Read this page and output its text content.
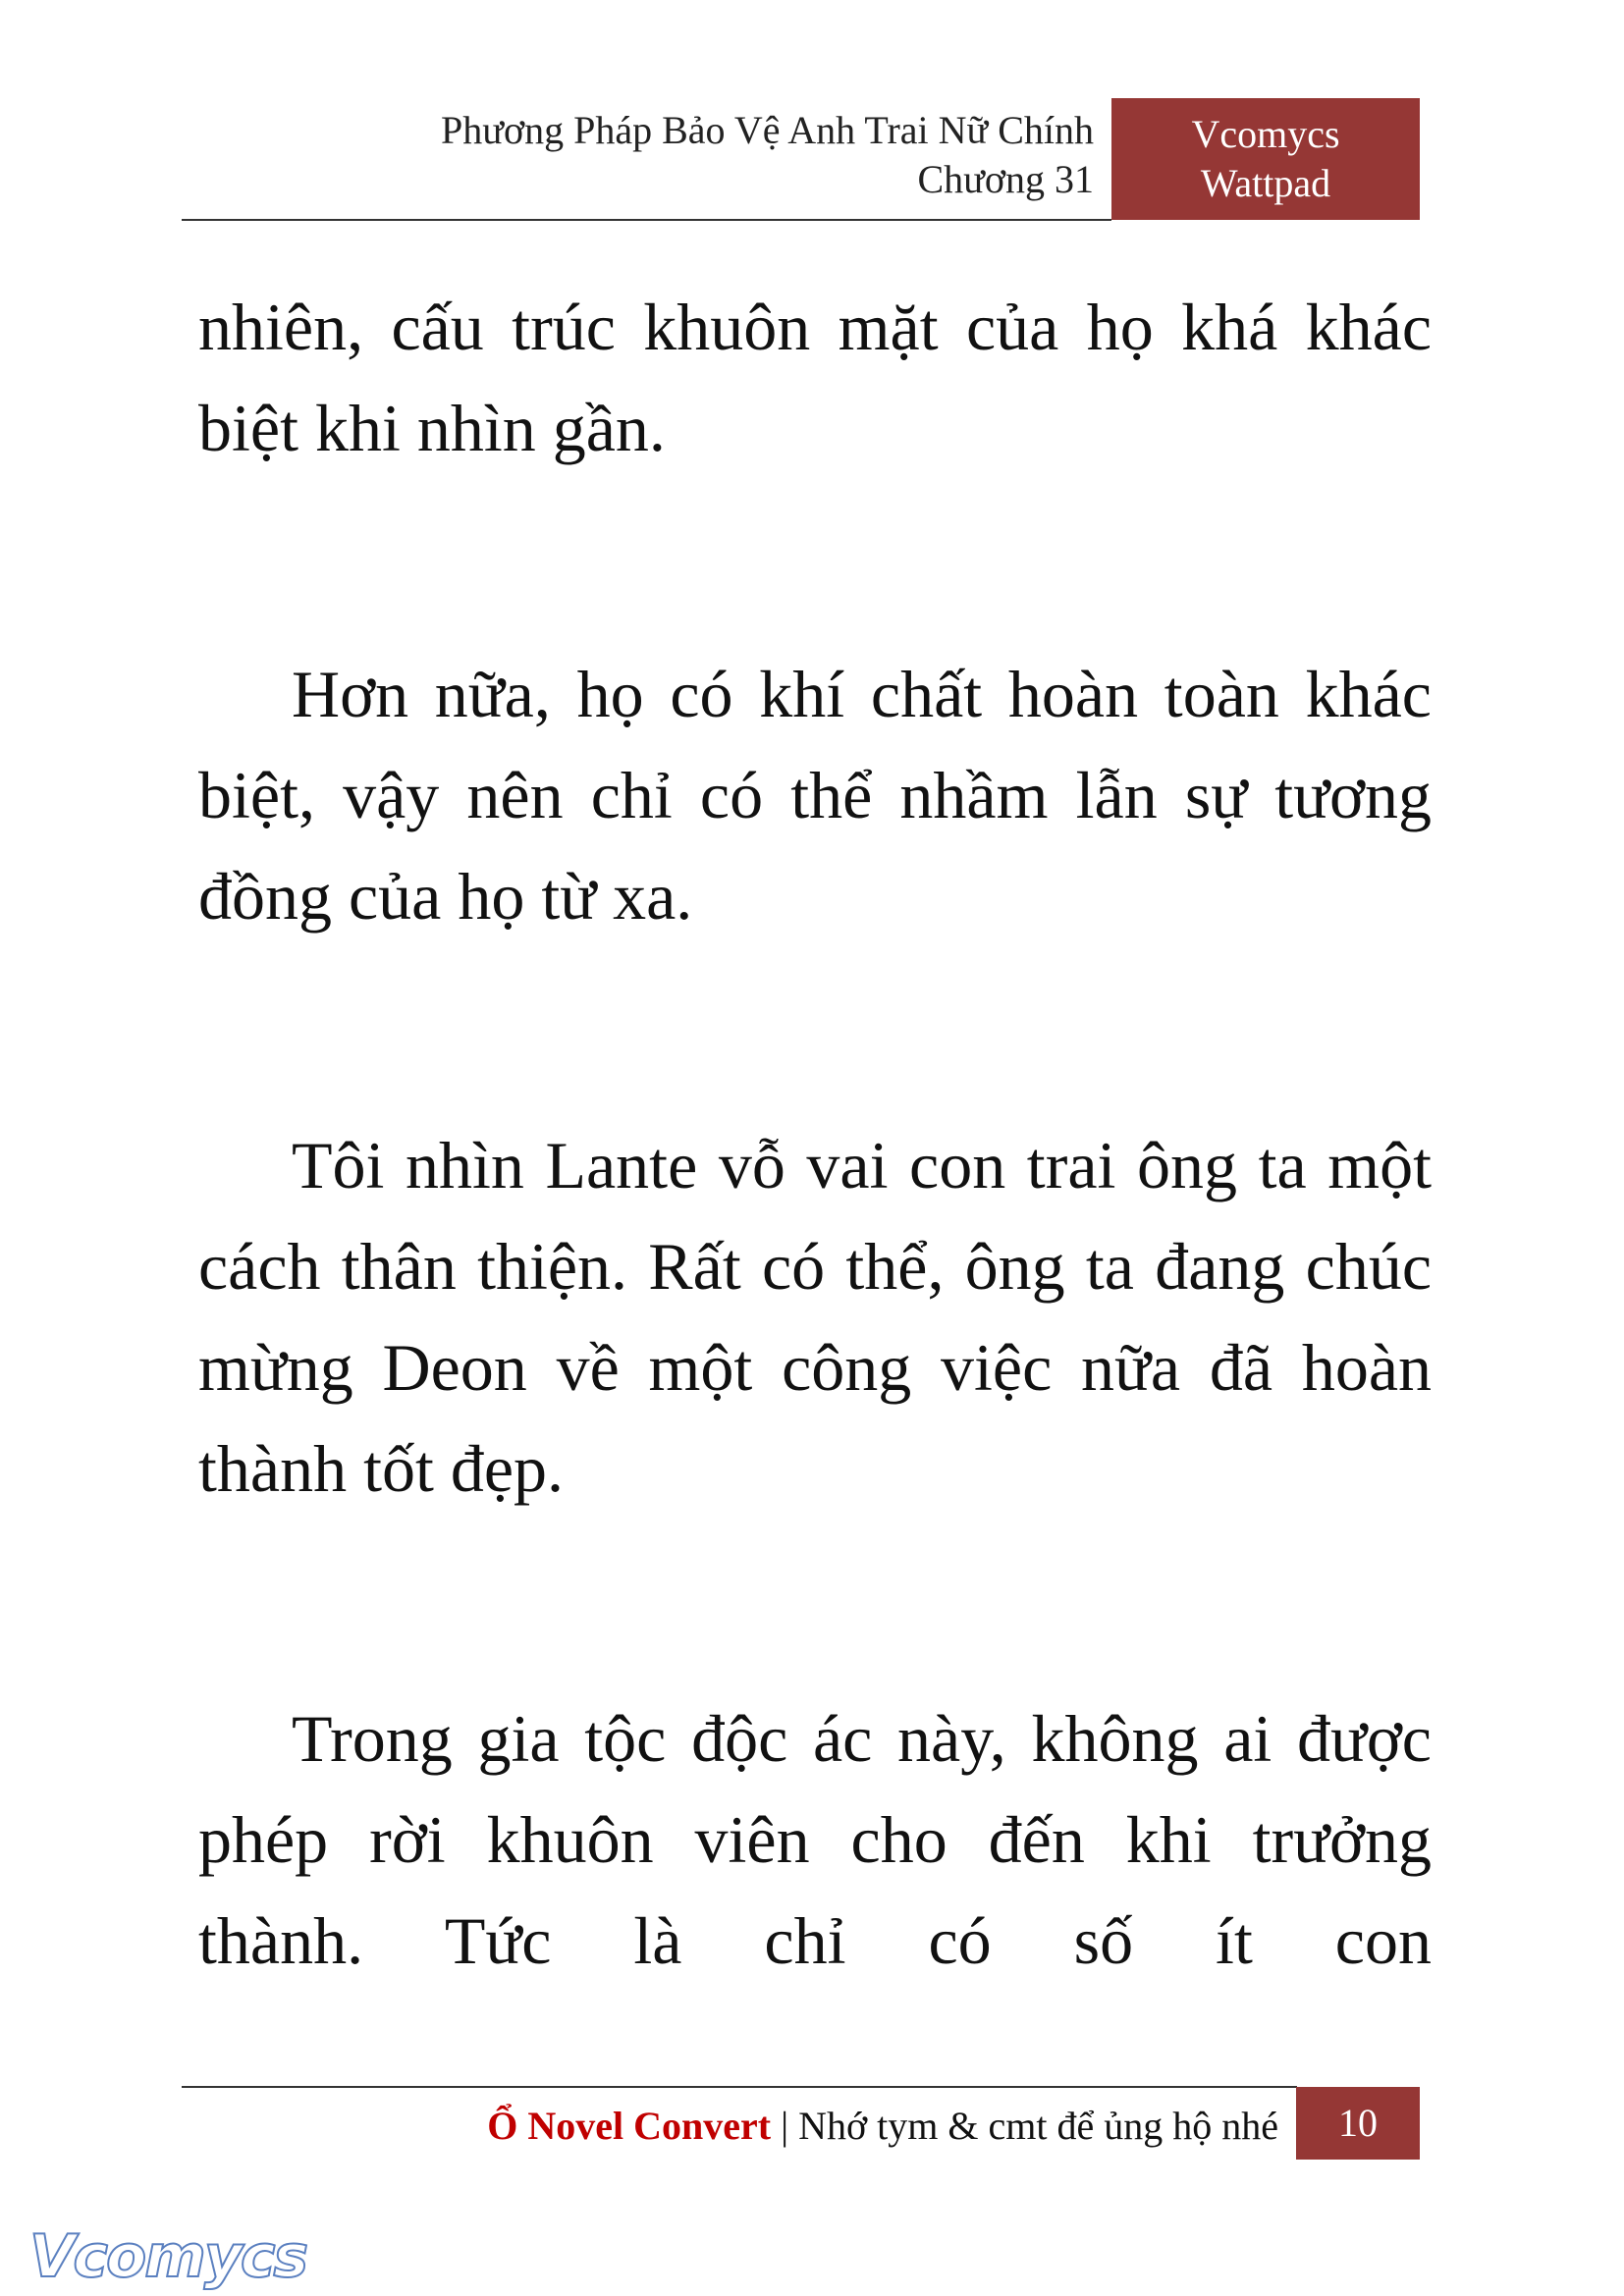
Phương Pháp Bảo Vệ Anh Trai Nữ Chính
Chương 31
Vcomycs
Wattpad

nhiên, cấu trúc khuôn mặt của họ khá khác biệt khi nhìn gần.

Hơn nữa, họ có khí chất hoàn toàn khác biệt, vậy nên chỉ có thể nhầm lẫn sự tương đồng của họ từ xa.

Tôi nhìn Lante vỗ vai con trai ông ta một cách thân thiện. Rất có thể, ông ta đang chúc mừng Deon về một công việc nữa đã hoàn thành tốt đẹp.

Trong gia tộc độc ác này, không ai được phép rời khuôn viên cho đến khi trưởng thành. Tức là chỉ có số ít con

Ổ Novel Convert | Nhớ tym & cmt để ủng hộ nhé	10
Vcomycs
